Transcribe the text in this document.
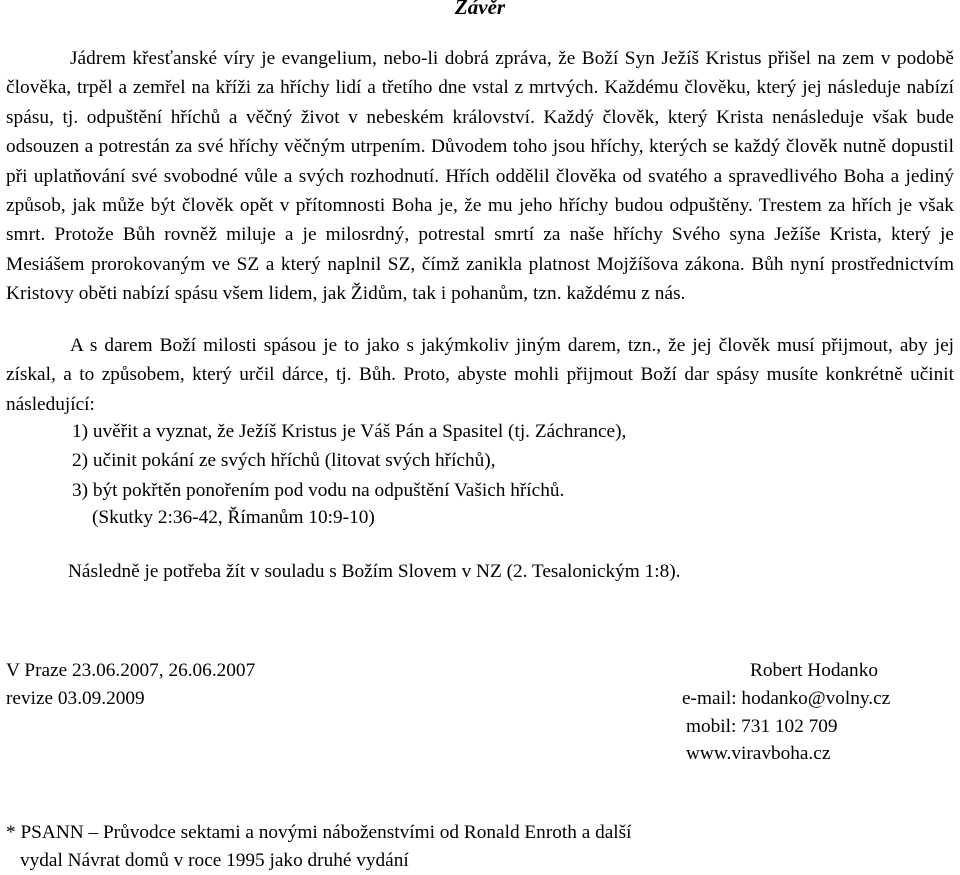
Závěr

Jádrem křesťanské víry je evangelium, nebo-li dobrá zpráva, že Boží Syn Ježíš Kristus přišel na zem v podobě člověka, trpěl a zemřel na kříži za hříchy lidí a třetího dne vstal z mrtvých. Každému člověku, který jej následuje nabízí spásu, tj. odpuštění hříchů a věčný život v nebeském království. Každý člověk, který Krista nenásleduje však bude odsouzen a potrestán za své hříchy věčným utrpením. Důvodem toho jsou hříchy, kterých se každý člověk nutně dopustil při uplatňování své svobodné vůle a svých rozhodnutí. Hřích oddělil člověka od svatého a spravedlivého Boha a jediný způsob, jak může být člověk opět v přítomnosti Boha je, že mu jeho hříchy budou odpuštěny. Trestem za hřích je však smrt. Protože Bůh rovněž miluje a je milosrdný, potrestal smrtí za naše hříchy Svého syna Ježíše Krista, který je Mesiášem prorokovaným ve SZ a který naplnil SZ, čímž zanikla platnost Mojžíšova zákona. Bůh nyní prostřednictvím Kristovy oběti nabízí spásu všem lidem, jak Židům, tak i pohanům, tzn. každému z nás.

A s darem Boží milosti spásou je to jako s jakýmkoliv jiným darem, tzn., že jej člověk musí přijmout, aby jej získal, a to způsobem, který určil dárce, tj. Bůh. Proto, abyste mohli přijmout Boží dar spásy musíte konkrétně učinit následující:

1) uvěřit a vyznat, že Ježíš Kristus je Váš Pán a Spasitel (tj. Záchrance),
2) učinit pokání ze svých hříchů (litovat svých hříchů),
3) být pokřtěn ponořením pod vodu na odpuštění Vašich hříchů.
(Skutky 2:36-42, Římanům 10:9-10)
Následně je potřeba žít v souladu s Božím Slovem v NZ (2. Tesalonickým 1:8).
V Praze 23.06.2007, 26.06.2007
revize 03.09.2009
Robert Hodanko
e-mail: hodanko@volny.cz
mobil: 731 102 709
www.viravboha.cz
* PSANN – Průvodce sektami a novými náboženstvími od Ronald Enroth a další
vydal Návrat domů v roce 1995 jako druhé vydání
